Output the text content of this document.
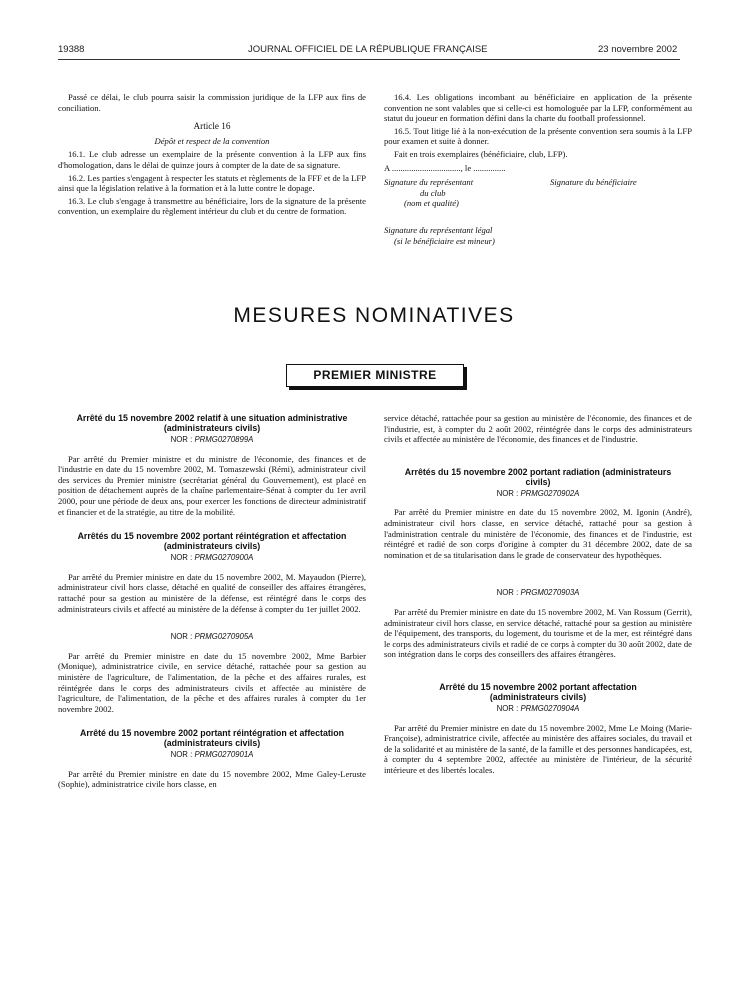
19388	JOURNAL OFFICIEL DE LA RÉPUBLIQUE FRANÇAISE	23 novembre 2002

Passé ce délai, le club pourra saisir la commission juridique de la LFP aux fins de conciliation.

Article 16
Dépôt et respect de la convention

16.1. Le club adresse un exemplaire de la présente convention à la LFP aux fins d'homologation, dans le délai de quinze jours à compter de la date de sa signature.

16.2. Les parties s'engagent à respecter les statuts et règlements de la FFF et de la LFP ainsi que la législation relative à la formation et à la lutte contre le dopage.

16.3. Le club s'engage à transmettre au bénéficiaire, lors de la signature de la présente convention, un exemplaire du règlement intérieur du club et du centre de formation.

16.4. Les obligations incombant au bénéficiaire en application de la présente convention ne sont valables que si celle-ci est homologuée par la LFP, conformément au statut du joueur en formation défini dans la charte du football professionnel.

16.5. Tout litige lié à la non-exécution de la présente convention sera soumis à la LFP pour examen et suite à donner.

Fait en trois exemplaires (bénéficiaire, club, LFP).

A ................................, le ...............
Signature du représentant
du club
(nom et qualité)
Signature du bénéficiaire
Signature du représentant légal
(si le bénéficiaire est mineur)
MESURES NOMINATIVES
PREMIER MINISTRE
Arrêté du 15 novembre 2002 relatif à une situation administrative (administrateurs civils)
NOR : PRMG0270899A

Par arrêté du Premier ministre et du ministre de l'économie, des finances et de l'industrie en date du 15 novembre 2002, M. Tomaszewski (Rémi), administrateur civil des services du Premier ministre (secrétariat général du Gouvernement), est placé en position de détachement auprès de la chaîne parlementaire-Sénat à compter du 1er avril 2000, pour une période de deux ans, pour exercer les fonctions de directeur administratif et financier et de la stratégie, au titre de la mobilité.

Arrêtés du 15 novembre 2002 portant réintégration et affectation (administrateurs civils)
NOR : PRMG0270900A

Par arrêté du Premier ministre en date du 15 novembre 2002, M. Mayaudon (Pierre), administrateur civil hors classe, détaché en qualité de conseiller des affaires étrangères, rattaché pour sa gestion au ministère de la défense, est réintégré dans le corps des administrateurs civils et affecté au ministère de la défense à compter du 1er juillet 2002.

NOR : PRMG0270905A

Par arrêté du Premier ministre en date du 15 novembre 2002, Mme Barbier (Monique), administratrice civile, en service détaché, rattachée pour sa gestion au ministère de l'agriculture, de l'alimentation, de la pêche et des affaires rurales, est réintégrée dans le corps des administrateurs civils et affectée au ministère de l'agriculture, de l'alimentation, de la pêche et des affaires rurales à compter du 1er novembre 2002.

Arrêté du 15 novembre 2002 portant réintégration et affectation (administrateurs civils)
NOR : PRMG0270901A

Par arrêté du Premier ministre en date du 15 novembre 2002, Mme Galey-Leruste (Sophie), administratrice civile hors classe, en

service détaché, rattachée pour sa gestion au ministère de l'économie, des finances et de l'industrie, est, à compter du 2 août 2002, réintégrée dans le corps des administrateurs civils et affectée au ministère de l'économie, des finances et de l'industrie.

Arrêtés du 15 novembre 2002 portant radiation (administrateurs civils)
NOR : PRMG0270902A

Par arrêté du Premier ministre en date du 15 novembre 2002, M. Igonin (André), administrateur civil hors classe, en service détaché, rattaché pour sa gestion à l'administration centrale du ministère de l'économie, des finances et de l'industrie, est réintégré et radié de son corps d'origine à compter du 31 décembre 2002, date de sa nomination et de sa titularisation dans le grade de conservateur des hypothèques.

NOR : PRGM0270903A

Par arrêté du Premier ministre en date du 15 novembre 2002, M. Van Rossum (Gerrit), administrateur civil hors classe, en service détaché, rattaché pour sa gestion au ministère de l'équipement, des transports, du logement, du tourisme et de la mer, est réintégré dans le corps des administrateurs civils et radié de ce corps à compter du 30 août 2002, date de son intégration dans le corps des conseillers des affaires étrangères.

Arrêté du 15 novembre 2002 portant affectation (administrateurs civils)
NOR : PRMG0270904A

Par arrêté du Premier ministre en date du 15 novembre 2002, Mme Le Moing (Marie-Françoise), administratrice civile, affectée au ministère des affaires sociales, du travail et de la solidarité et au ministère de la santé, de la famille et des personnes handicapées, est, à compter du 4 septembre 2002, affectée au ministère de l'intérieur, de la sécurité intérieure et des libertés locales.
